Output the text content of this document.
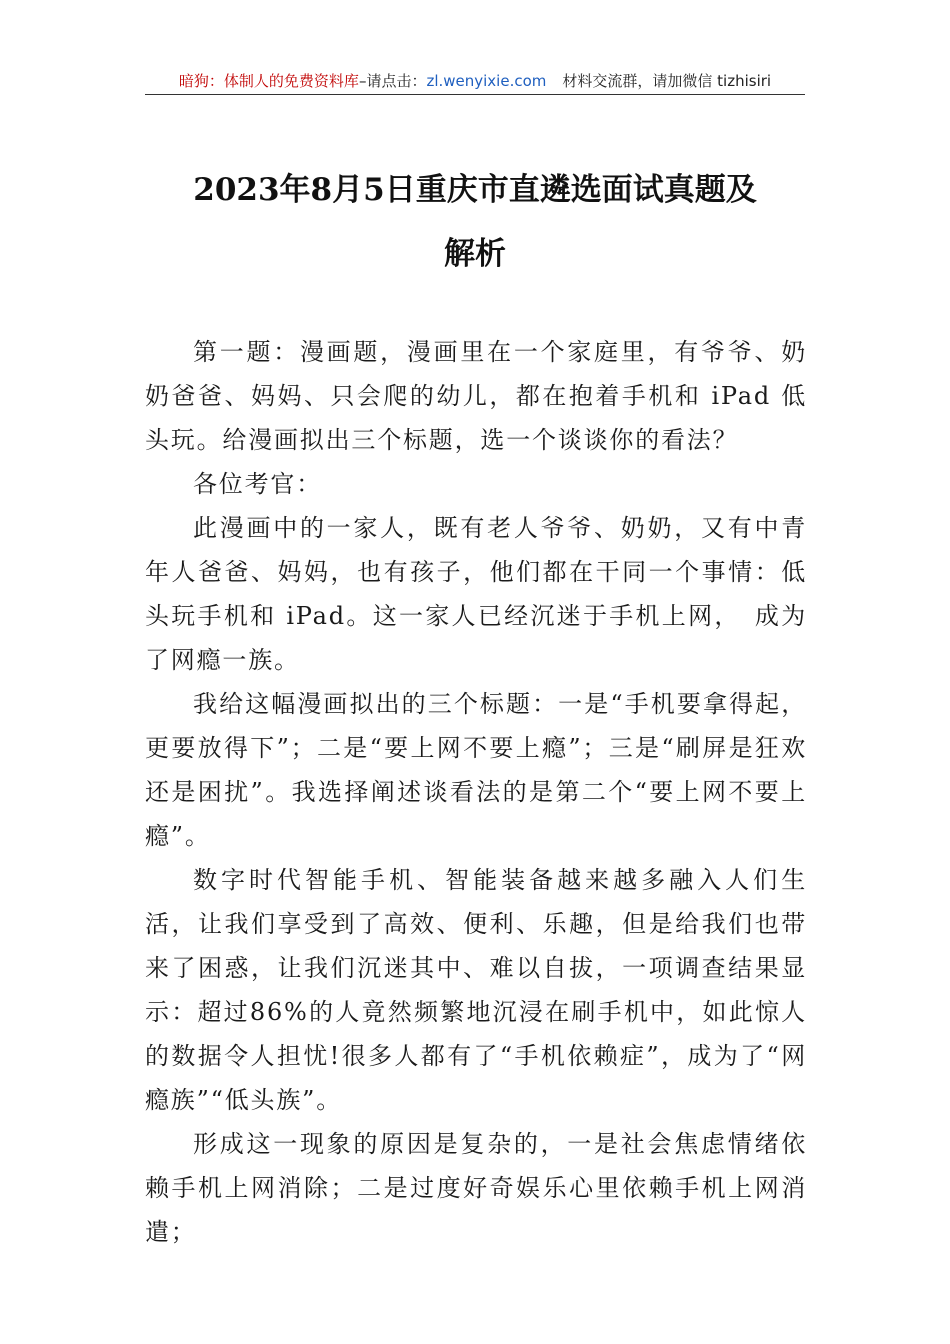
暗狗：体制人的免费资料库–请点击：zl.wenyixie.com 材料交流群，请加微信 tizhisiri
2023年8月5日重庆市直遴选面试真题及
解析

第一题：漫画题，漫画里在一个家庭里，有爷爷、奶奶爸爸、妈妈、只会爬的幼儿，都在抱着手机和 iPad 低头玩。给漫画拟出三个标题，选一个谈谈你的看法？

各位考官：

此漫画中的一家人，既有老人爷爷、奶奶，又有中青年人爸爸、妈妈，也有孩子，他们都在干同一个事情：低头玩手机和 iPad。这一家人已经沉迷于手机上网，　成为了网瘾一族。

我给这幅漫画拟出的三个标题：一是“手机要拿得起，更要放得下”；二是“要上网不要上瘾”；三是“刷屏是狂欢还是困扰”。我选择阐述谈看法的是第二个“要上网不要上瘾”。

数字时代智能手机、智能装备越来越多融入人们生活，让我们享受到了高效、便利、乐趣，但是给我们也带来了困惑，让我们沉迷其中、难以自拔，一项调查结果显示：超过86%的人竟然频繁地沉浸在刷手机中，如此惊人的数据令人担忧!很多人都有了“手机依赖症”，成为了“网瘾族”“低头族”。

形成这一现象的原因是复杂的，一是社会焦虑情绪依赖手机上网消除；二是过度好奇娱乐心里依赖手机上网消遣；
